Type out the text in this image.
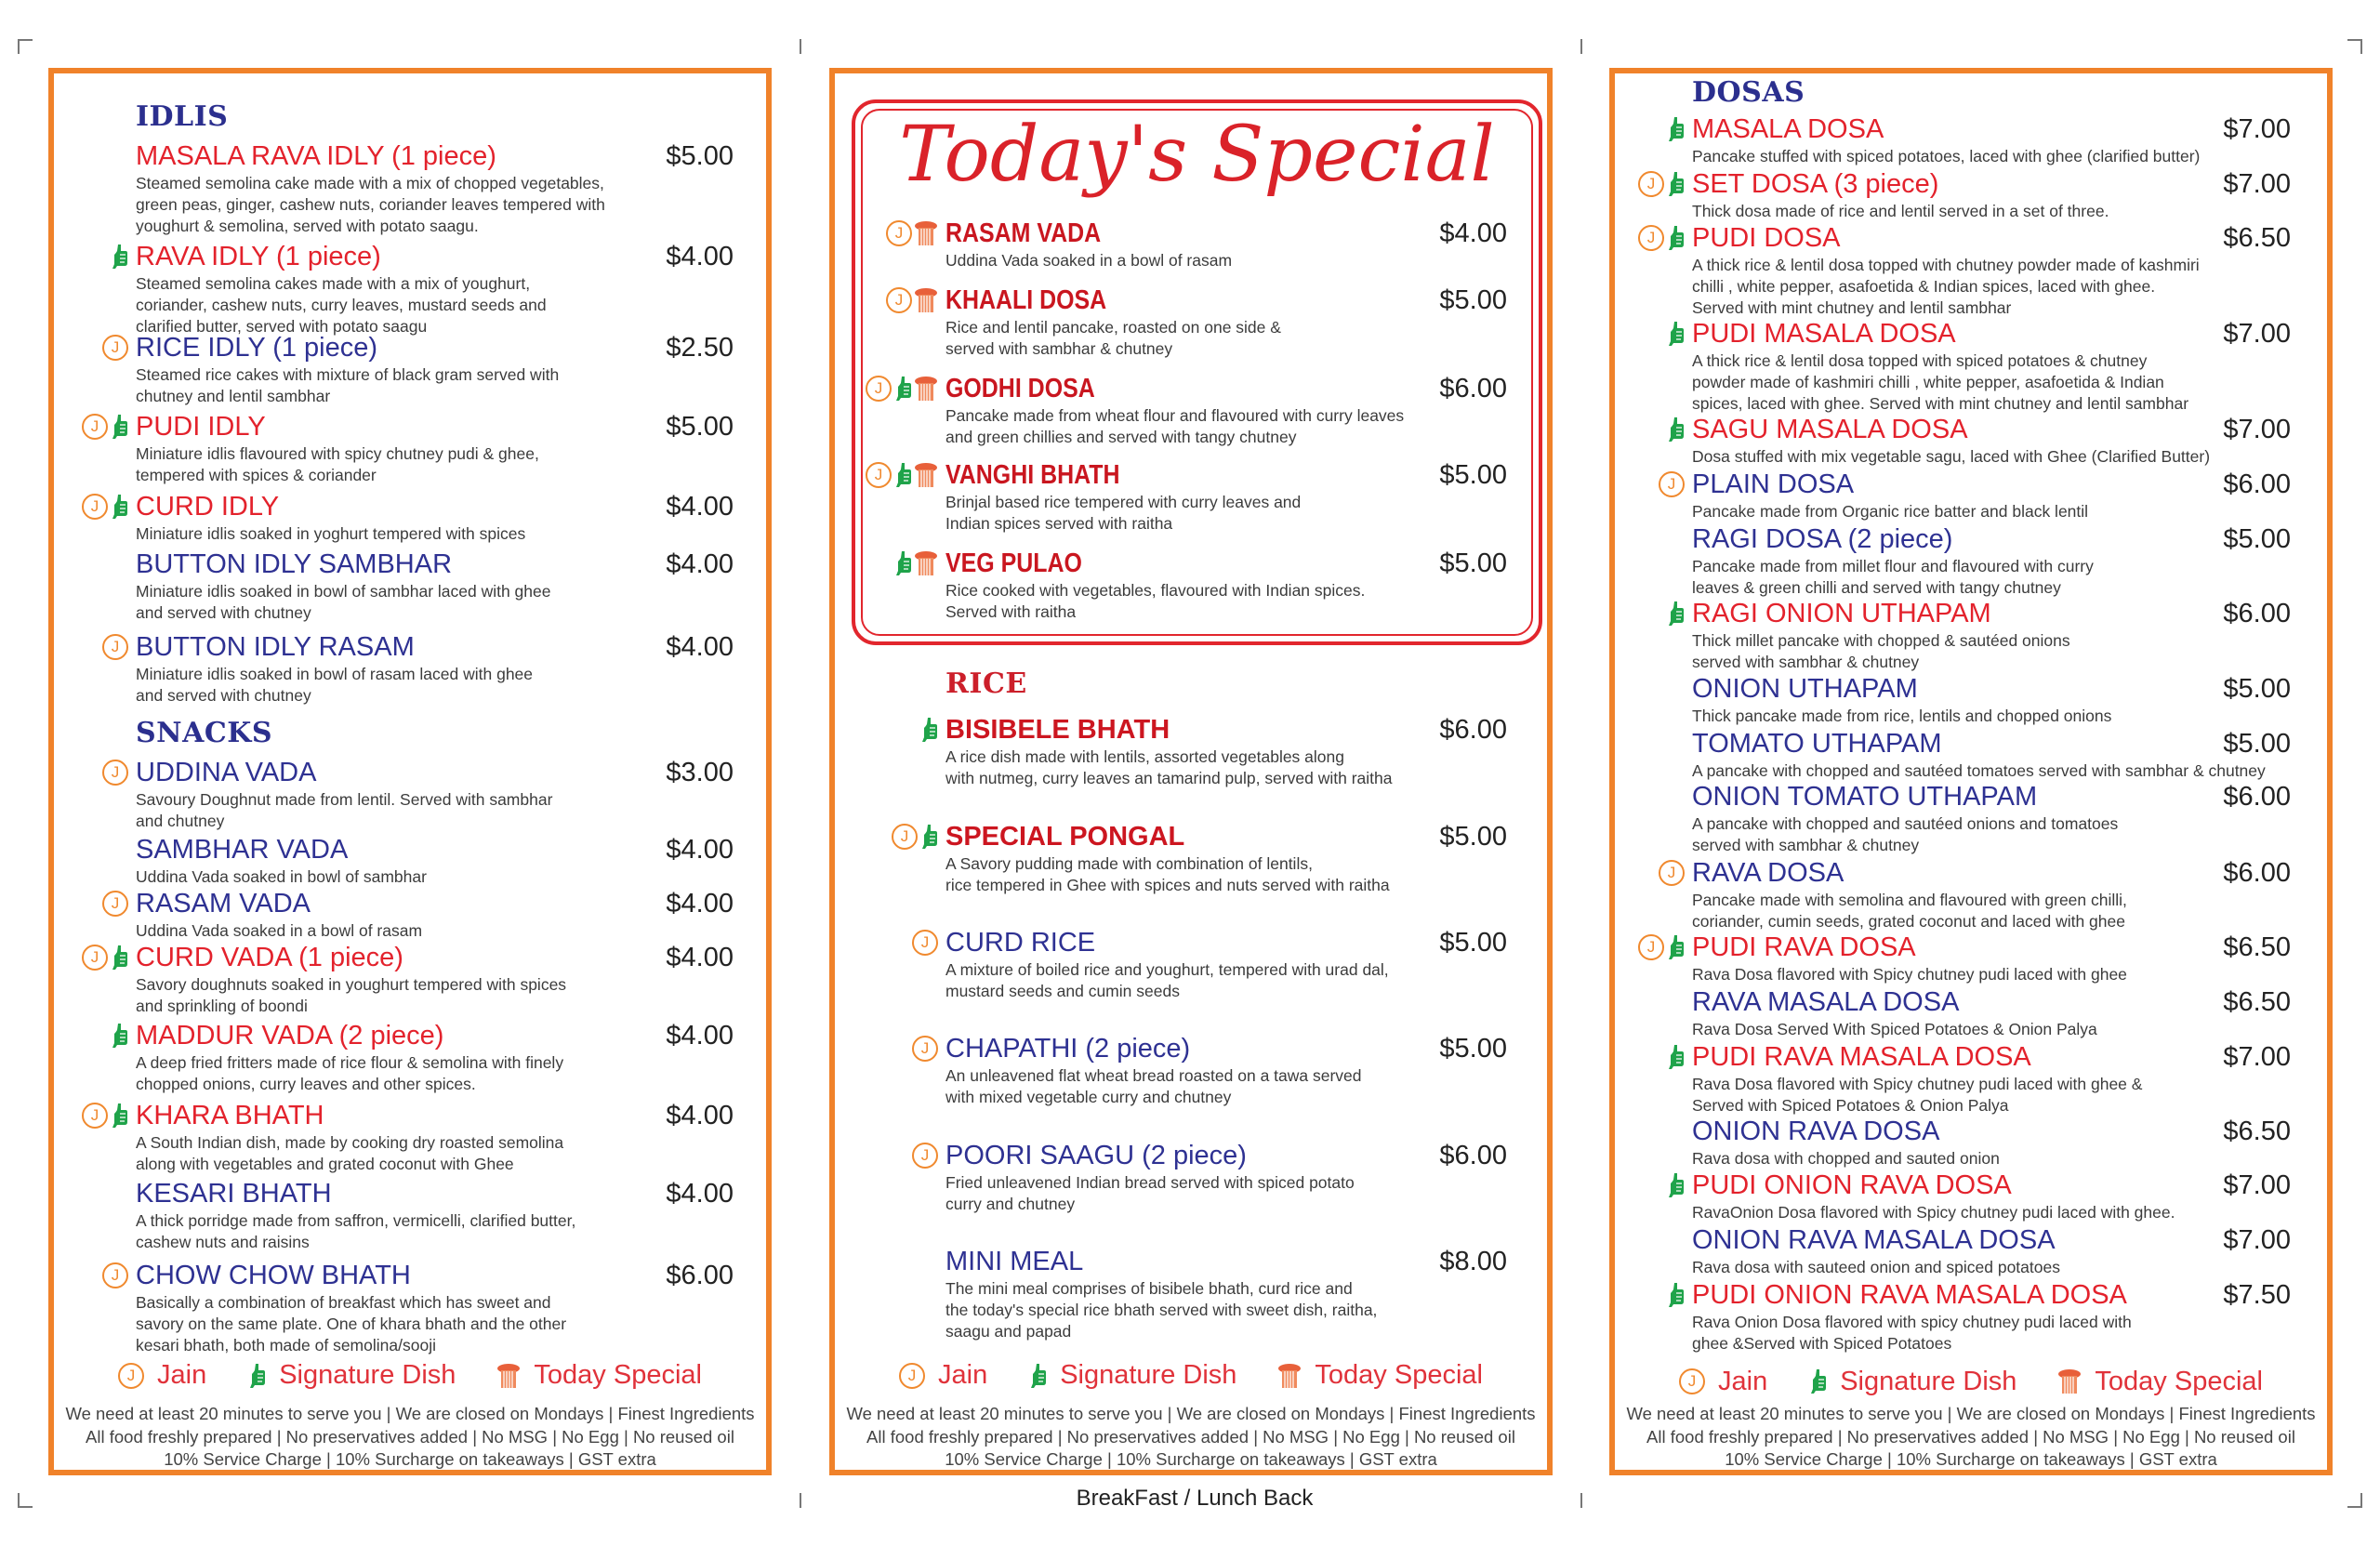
IDLIS
MASALA RAVA IDLY (1 piece)
Steamed semolina cake made with a mix of chopped vegetables,
green peas, ginger, cashew nuts, coriander leaves tempered with
youghurt & semolina, served with potato saagu.
$5.00
RAVA IDLY (1 piece)
Steamed semolina cakes made with a mix of youghurt,
coriander, cashew nuts, curry leaves, mustard seeds and
clarified butter, served with potato saagu
$4.00
J RICE IDLY (1 piece)
Steamed rice cakes with mixture of black gram served with
chutney and lentil sambhar
$2.50
J	PUDI IDLY
Miniature idlis flavoured with spicy chutney pudi & ghee,
tempered with spices & coriander
$5.00
J	CURD IDLY
Miniature idlis soaked in yoghurt tempered with spices
$4.00
BUTTON IDLY SAMBHAR
Miniature idlis soaked in bowl of sambhar laced with ghee
and served with chutney
$4.00
J BUTTON IDLY RASAM
Miniature idlis soaked in bowl of rasam laced with ghee
and served with chutney
$4.00
SNACKS
J UDDINA VADA
Savoury Doughnut made from lentil. Served with sambhar
and chutney
$3.00
SAMBHAR VADA
Uddina Vada soaked in bowl of sambhar
$4.00
J RASAM VADA
Uddina Vada soaked in a bowl of rasam
$4.00
J	CURD VADA (1 piece)
Savory doughnuts soaked in youghurt tempered with spices
and sprinkling of boondi
$4.00
MADDUR VADA (2 piece)
A deep fried fritters made of rice flour & semolina with finely
chopped onions, curry leaves and other spices.
$4.00
J	KHARA BHATH
A South Indian dish, made by cooking dry roasted semolina
along with vegetables and grated coconut with Ghee
$4.00
KESARI BHATH
A thick porridge made from saffron, vermicelli, clarified butter,
cashew nuts and raisins
$4.00
J CHOW CHOW BHATH
Basically a combination of breakfast which has sweet and
savory on the same plate. One of khara bhath and the other
kesari bhath, both made of semolina/sooji
$6.00
J Jain	Signature Dish	Today Special
We need at least 20 minutes to serve you | We are closed on Mondays | Finest Ingredients
All food freshly prepared | No preservatives added | No MSG | No Egg | No reused oil
10% Service Charge | 10% Surcharge on takeaways | GST extra
Today's Special
J	RASAM VADA
Uddina Vada soaked in a bowl of rasam
$4.00
J	KHAALI DOSA
Rice and lentil pancake, roasted on one side &
served with sambhar & chutney
$5.00
J	GODHI DOSA
Pancake made from wheat flour and flavoured with curry leaves
and green chillies and served with tangy chutney
$6.00
J	VANGHI BHATH
Brinjal based rice tempered with curry leaves and
Indian spices served with raitha
$5.00
VEG PULAO
Rice cooked with vegetables, flavoured with Indian spices.
Served with raitha
$5.00
RICE
BISIBELE BHATH
A rice dish made with lentils, assorted vegetables along
with nutmeg, curry leaves an tamarind pulp, served with raitha
$6.00
J	SPECIAL PONGAL
A Savory pudding made with combination of lentils,
rice tempered in Ghee with spices and nuts served with raitha
$5.00
J CURD RICE
A mixture of boiled rice and youghurt, tempered with urad dal,
mustard seeds and cumin seeds
$5.00
J CHAPATHI (2 piece)
An unleavened flat wheat bread roasted on a tawa served
with mixed vegetable curry and chutney
$5.00
J POORI SAAGU (2 piece)
Fried unleavened Indian bread served with spiced potato
curry and chutney
$6.00
MINI MEAL
The mini meal comprises of bisibele bhath, curd rice and
the today's special rice bhath served with sweet dish, raitha,
saagu and papad
$8.00
J Jain	Signature Dish	Today Special
We need at least 20 minutes to serve you | We are closed on Mondays | Finest Ingredients
All food freshly prepared | No preservatives added | No MSG | No Egg | No reused oil
10% Service Charge | 10% Surcharge on takeaways | GST extra
DOSAS
MASALA DOSA
Pancake stuffed with spiced potatoes, laced with ghee (clarified butter)
$7.00
J	SET DOSA (3 piece)
Thick dosa made of rice and lentil served in a set of three.
$7.00
J	PUDI DOSA
A thick rice & lentil dosa topped with chutney powder made of kashmiri
chilli , white pepper, asafoetida & Indian spices, laced with ghee.
Served with mint chutney and lentil sambhar
$6.50
PUDI MASALA DOSA
A thick rice & lentil dosa topped with spiced potatoes & chutney
powder made of kashmiri chilli , white pepper, asafoetida & Indian
spices, laced with ghee. Served with mint chutney and lentil sambhar
$7.00
SAGU MASALA DOSA
Dosa stuffed with mix vegetable sagu, laced with Ghee (Clarified Butter)
$7.00
J PLAIN DOSA
Pancake made from Organic rice batter and black lentil
$6.00
RAGI DOSA (2 piece)
Pancake made from millet flour and flavoured with curry
leaves & green chilli and served with tangy chutney
$5.00
RAGI ONION UTHAPAM
Thick millet pancake with chopped & sautéed onions
served with sambhar & chutney
$6.00
ONION UTHAPAM
Thick pancake made from rice, lentils and chopped onions
$5.00
TOMATO UTHAPAM
A pancake with chopped and sautéed tomatoes served with sambhar & chutney
$5.00
ONION TOMATO UTHAPAM
A pancake with chopped and sautéed onions and tomatoes
served with sambhar & chutney
$6.00
J RAVA DOSA
Pancake made with semolina and flavoured with green chilli,
coriander, cumin seeds, grated coconut and laced with ghee
$6.00
J	PUDI RAVA DOSA
Rava Dosa flavored with Spicy chutney pudi laced with ghee
$6.50
RAVA MASALA DOSA
Rava Dosa Served With Spiced Potatoes & Onion Palya
$6.50
PUDI RAVA MASALA DOSA
Rava Dosa flavored with Spicy chutney pudi laced with ghee &
Served with Spiced Potatoes & Onion Palya
$7.00
ONION RAVA DOSA
Rava dosa with chopped and sauted onion
$6.50
PUDI ONION RAVA DOSA
RavaOnion Dosa flavored with Spicy chutney pudi laced with ghee.
$7.00
ONION RAVA MASALA DOSA
Rava dosa with sauteed onion and spiced potatoes
$7.00
PUDI ONION RAVA MASALA DOSA
Rava Onion Dosa flavored with spicy chutney pudi laced with
ghee &Served with Spiced Potatoes
$7.50
J Jain	Signature Dish	Today Special
We need at least 20 minutes to serve you | We are closed on Mondays | Finest Ingredients
All food freshly prepared | No preservatives added | No MSG | No Egg | No reused oil
10% Service Charge | 10% Surcharge on takeaways | GST extra
BreakFast / Lunch Back
